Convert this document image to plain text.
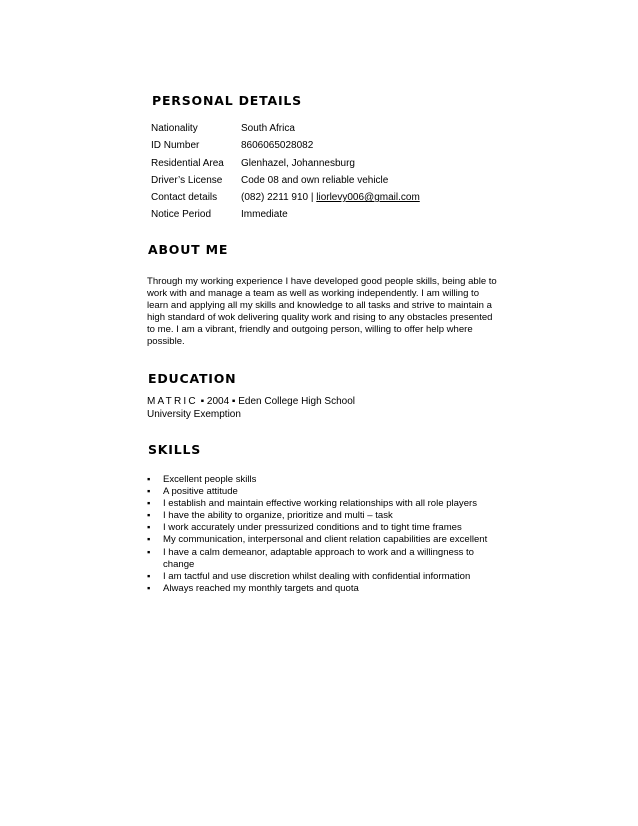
PERSONAL DETAILS
Nationality	South Africa
ID Number	8606065028082
Residential Area	Glenhazel, Johannesburg
Driver’s License	Code 08 and own reliable vehicle
Contact details	(082) 2211 910 | liorlevy006@gmail.com
Notice Period	Immediate
ABOUT ME

Through my working experience I have developed good people skills, being able to work with and manage a team as well as working independently. I am willing to learn and applying all my skills and knowledge to all tasks and strive to maintain a high standard of wok delivering quality work and rising to any obstacles presented to me. I am a vibrant, friendly and outgoing person, willing to offer help where possible.

EDUCATION
MATRIC ▪ 2004 ▪ Eden College High School
University Exemption
SKILLS
▪ Excellent people skills
▪ A positive attitude
▪ I establish and maintain effective working relationships with all role players
▪ I have the ability to organize, prioritize and multi – task
▪ I work accurately under pressurized conditions and to tight time frames
▪ My communication, interpersonal and client relation capabilities are excellent
▪ I have a calm demeanor, adaptable approach to work and a willingness to change
▪ I am tactful and use discretion whilst dealing with confidential information
▪ Always reached my monthly targets and quota
